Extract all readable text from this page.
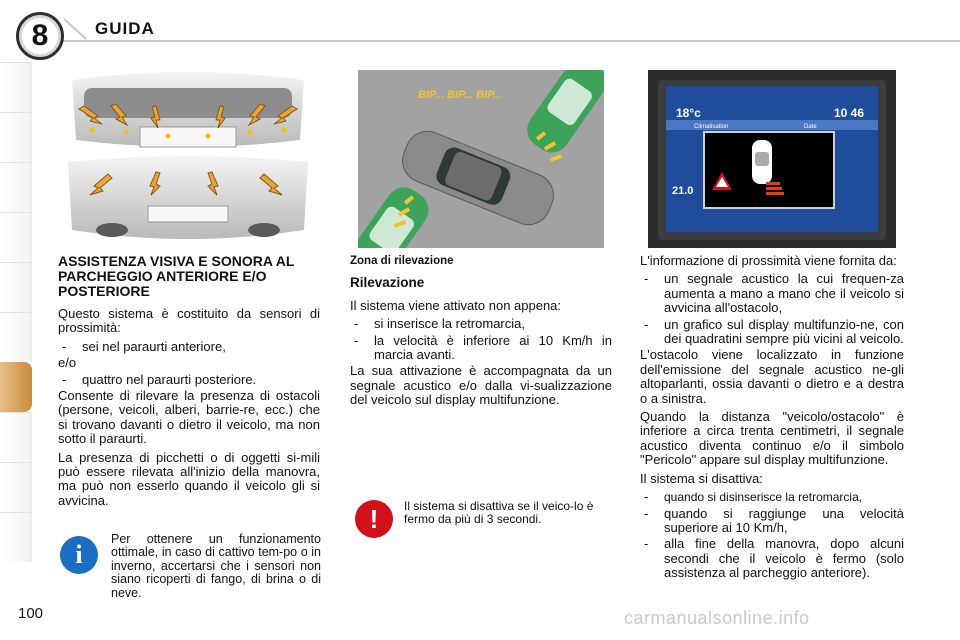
8	GUIDA
BIP... BIP... BIP...
18°c	10 46
Climatisation	Date
21.0
ASSISTENZA VISIVA E SONORA AL PARCHEGGIO ANTERIORE E/O POSTERIORE

Questo sistema è costituito da sensori di prossimità:

-	sei nel paraurti anteriore,

e/o

-	quattro nel paraurti posteriore.

Consente di rilevare la presenza di ostacoli (persone, veicoli, alberi, barrie-re, ecc.) che si trovano davanti o dietro il veicolo, ma non sotto il paraurti.

La presenza di picchetti o di oggetti si-mili può essere rilevata all'inizio della manovra, ma può non esserlo quando il veicolo gli si avvicina.

Zona di rilevazione
Rilevazione

Il sistema viene attivato non appena:

-	si inserisce la retromarcia,
-	la velocità è inferiore ai 10 Km/h in marcia avanti.

La sua attivazione è accompagnata da un segnale acustico e/o dalla vi-sualizzazione del veicolo sul display multifunzione.

!	Il sistema si disattiva se il veico-lo è fermo da più di 3 secondi.

L'informazione di prossimità viene fornita da:

-	un segnale acustico la cui frequen-za aumenta a mano a mano che il veicolo si avvicina all'ostacolo,
-	un grafico sul display multifunzio-ne, con dei quadratini sempre più vicini al veicolo.

L'ostacolo viene localizzato in funzione dell'emissione del segnale acustico ne-gli altoparlanti, ossia davanti o dietro e a destra o a sinistra.

Quando la distanza "veicolo/ostacolo" è inferiore a circa trenta centimetri, il segnale acustico diventa continuo e/o il simbolo "Pericolo" appare sul display multifunzione.

Il sistema si disattiva:

-	quando si disinserisce la retromarcia,
-	quando si raggiunge una velocità superiore ai 10 Km/h,
-	alla fine della manovra, dopo alcuni secondi che il veicolo è fermo (solo assistenza al parcheggio anteriore).
i
Per ottenere un funzionamento ottimale, in caso di cattivo tem-po o in inverno, accertarsi che i sensori non siano ricoperti di fango, di brina o di neve.
100	carmanualsonline.info
